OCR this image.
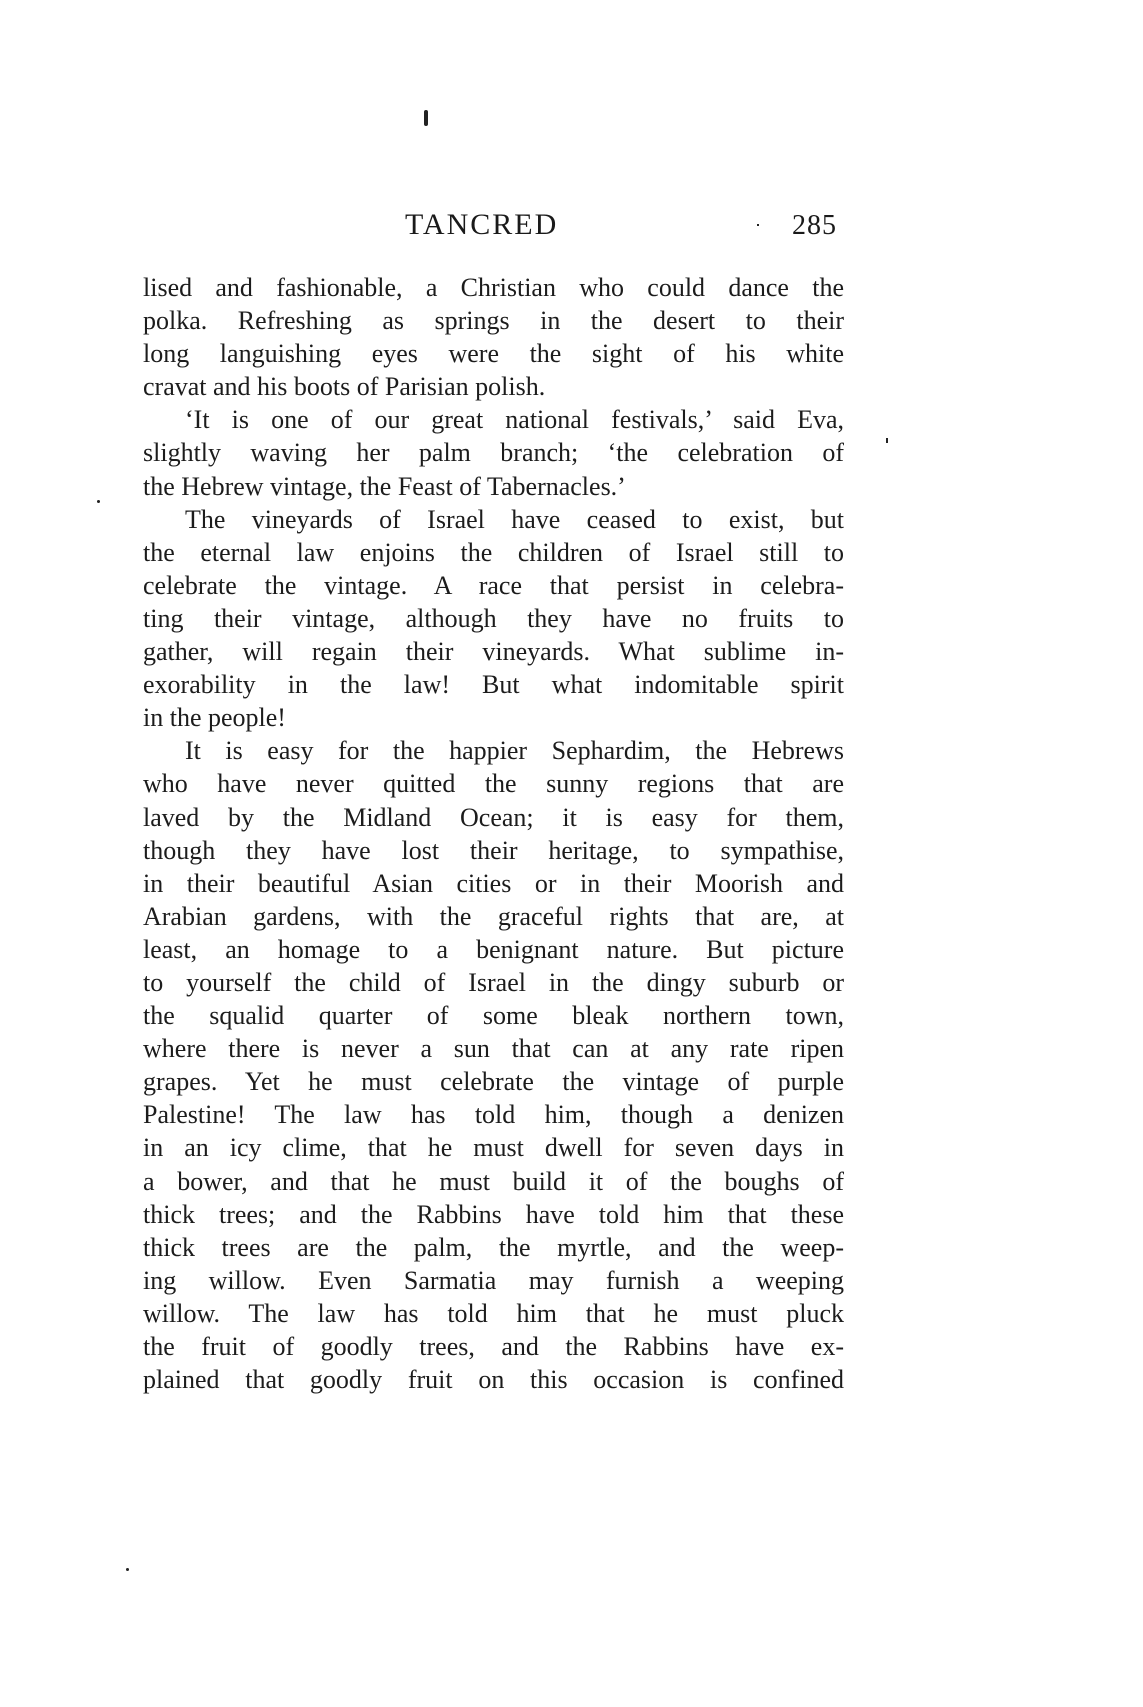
TANCRED	285
lised and fashionable, a Christian who could dance the
polka. Refreshing as springs in the desert to their
long languishing eyes were the sight of his white
cravat and his boots of Parisian polish.
‘It is one of our great national festivals,’ said Eva,
slightly waving her palm branch; ‘the celebration of
the Hebrew vintage, the Feast of Tabernacles.’
The vineyards of Israel have ceased to exist, but
the eternal law enjoins the children of Israel still to
celebrate the vintage. A race that persist in celebra-
ting their vintage, although they have no fruits to
gather, will regain their vineyards. What sublime in-
exorability in the law! But what indomitable spirit
in the people!
It is easy for the happier Sephardim, the Hebrews
who have never quitted the sunny regions that are
laved by the Midland Ocean; it is easy for them,
though they have lost their heritage, to sympathise,
in their beautiful Asian cities or in their Moorish and
Arabian gardens, with the graceful rights that are, at
least, an homage to a benignant nature. But picture
to yourself the child of Israel in the dingy suburb or
the squalid quarter of some bleak northern town,
where there is never a sun that can at any rate ripen
grapes. Yet he must celebrate the vintage of purple
Palestine! The law has told him, though a denizen
in an icy clime, that he must dwell for seven days in
a bower, and that he must build it of the boughs of
thick trees; and the Rabbins have told him that these
thick trees are the palm, the myrtle, and the weep-
ing willow. Even Sarmatia may furnish a weeping
willow. The law has told him that he must pluck
the fruit of goodly trees, and the Rabbins have ex-
plained that goodly fruit on this occasion is confined
